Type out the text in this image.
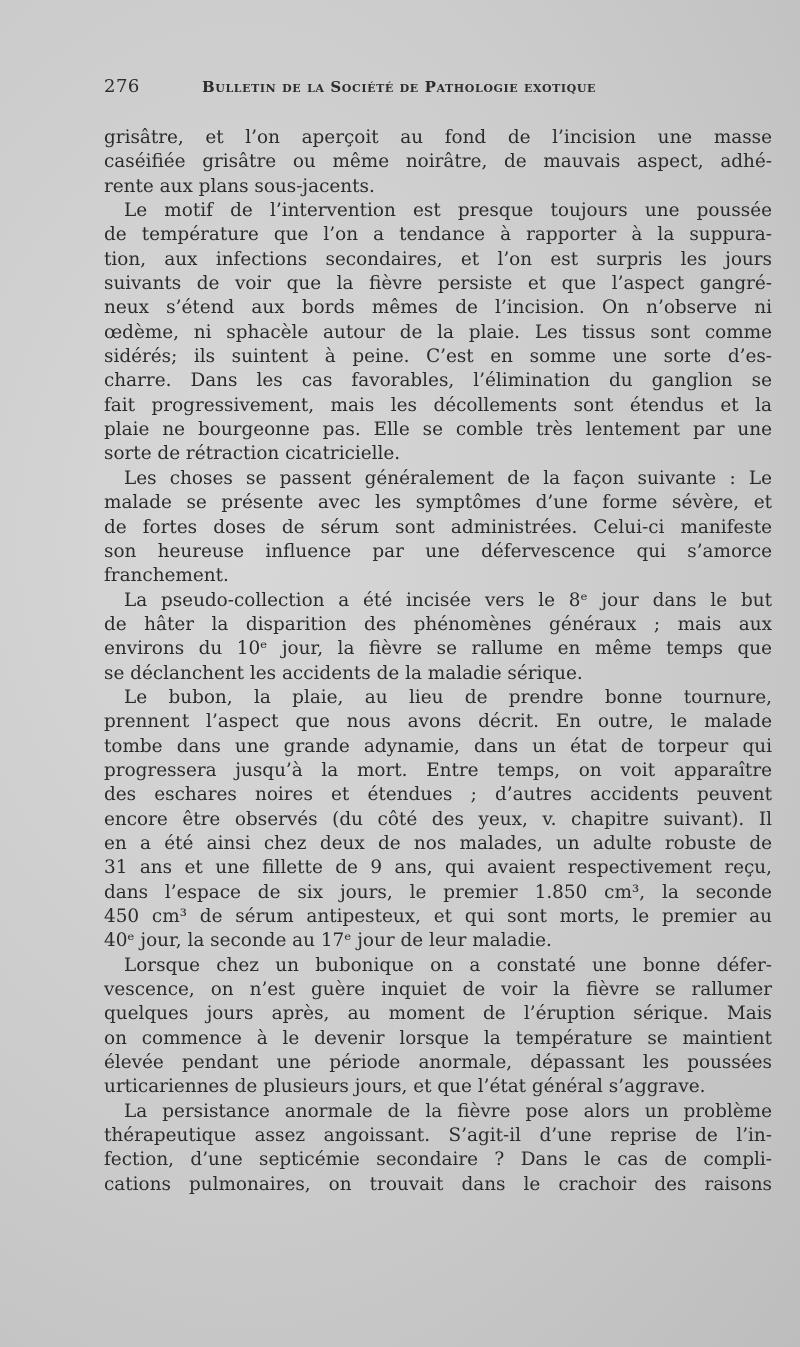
276	Bulletin de la Société de Pathologie exotique
grisâtre, et l’on aperçoit au fond de l’incision une masse
caséifiée grisâtre ou même noirâtre, de mauvais aspect, adhé-
rente aux plans sous-jacents.
Le motif de l’intervention est presque toujours une poussée
de température que l’on a tendance à rapporter à la suppura-
tion, aux infections secondaires, et l’on est surpris les jours
suivants de voir que la fièvre persiste et que l’aspect gangré-
neux s’étend aux bords mêmes de l’incision. On n’observe ni
œdème, ni sphacèle autour de la plaie. Les tissus sont comme
sidérés; ils suintent à peine. C’est en somme une sorte d’es-
charre. Dans les cas favorables, l’élimination du ganglion se
fait progressivement, mais les décollements sont étendus et la
plaie ne bourgeonne pas. Elle se comble très lentement par une
sorte de rétraction cicatricielle.
Les choses se passent généralement de la façon suivante : Le
malade se présente avec les symptômes d’une forme sévère, et
de fortes doses de sérum sont administrées. Celui-ci manifeste
son heureuse influence par une défervescence qui s’amorce
franchement.
La pseudo-collection a été incisée vers le 8ᵉ jour dans le but
de hâter la disparition des phénomènes généraux ; mais aux
environs du 10ᵉ jour, la fièvre se rallume en même temps que
se déclanchent les accidents de la maladie sérique.
Le bubon, la plaie, au lieu de prendre bonne tournure,
prennent l’aspect que nous avons décrit. En outre, le malade
tombe dans une grande adynamie, dans un état de torpeur qui
progressera jusqu’à la mort. Entre temps, on voit apparaître
des eschares noires et étendues ; d’autres accidents peuvent
encore être observés (du côté des yeux, v. chapitre suivant). Il
en a été ainsi chez deux de nos malades, un adulte robuste de
31 ans et une fillette de 9 ans, qui avaient respectivement reçu,
dans l’espace de six jours, le premier 1.850 cm³, la seconde
450 cm³ de sérum antipesteux, et qui sont morts, le premier au
40ᵉ jour, la seconde au 17ᵉ jour de leur maladie.
Lorsque chez un bubonique on a constaté une bonne défer-
vescence, on n’est guère inquiet de voir la fièvre se rallumer
quelques jours après, au moment de l’éruption sérique. Mais
on commence à le devenir lorsque la température se maintient
élevée pendant une période anormale, dépassant les poussées
urticariennes de plusieurs jours, et que l’état général s’aggrave.
La persistance anormale de la fièvre pose alors un problème
thérapeutique assez angoissant. S’agit-il d’une reprise de l’in-
fection, d’une septicémie secondaire ? Dans le cas de compli-
cations pulmonaires, on trouvait dans le crachoir des raisons
